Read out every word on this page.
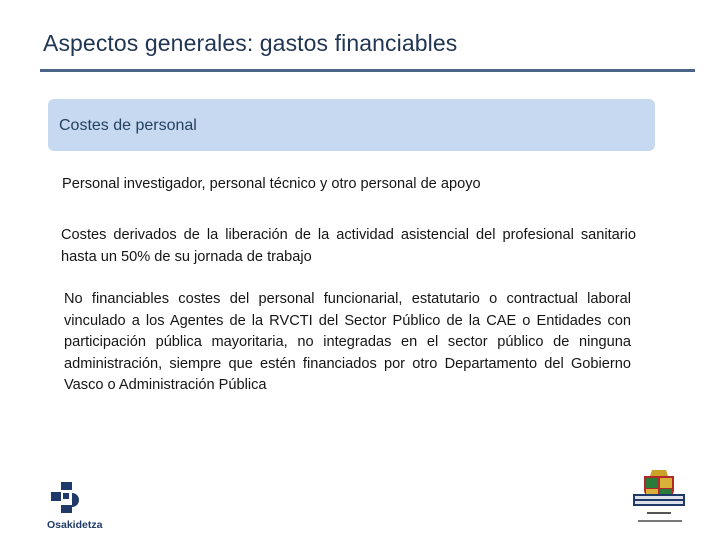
Aspectos generales: gastos financiables
Costes de personal
Personal investigador, personal técnico y otro personal de apoyo
Costes derivados de la liberación de la actividad asistencial del profesional sanitario hasta un 50% de su jornada de trabajo
No financiables costes del personal funcionarial, estatutario o contractual laboral vinculado a los Agentes de la RVCTI del Sector Público de la CAE o Entidades con participación pública mayoritaria, no integradas en el sector público de ninguna administración, siempre que estén financiados por otro Departamento del Gobierno Vasco o Administración Pública
Osakidetza
